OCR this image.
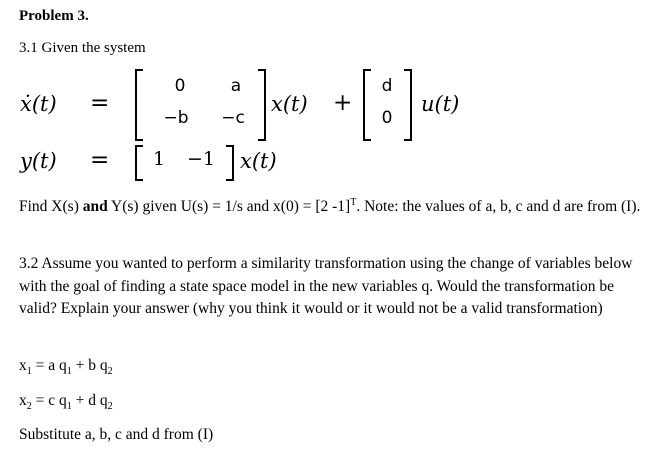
Problem 3.
3.1 Given the system
ẋ(t) =
0	a
−b	−c
x(t) +
d
0
u(t)
y(t) = 1 −1 x(t)
Find X(s) and Y(s) given U(s) = 1/s and x(0) = [2 -1]$^T$. Note: the values of a, b, c and d are from (I).
3.2 Assume you wanted to perform a similarity transformation using the change of variables below with the goal of finding a state space model in the new variables q. Would the transformation be valid? Explain your answer (why you think it would or it would not be a valid transformation)
$x_1 = a$ $q_1 + b$ $q_2$
$x_2 = c$ $q_1 + d$ $q_2$
Substitute a, b, c and d from (I)
